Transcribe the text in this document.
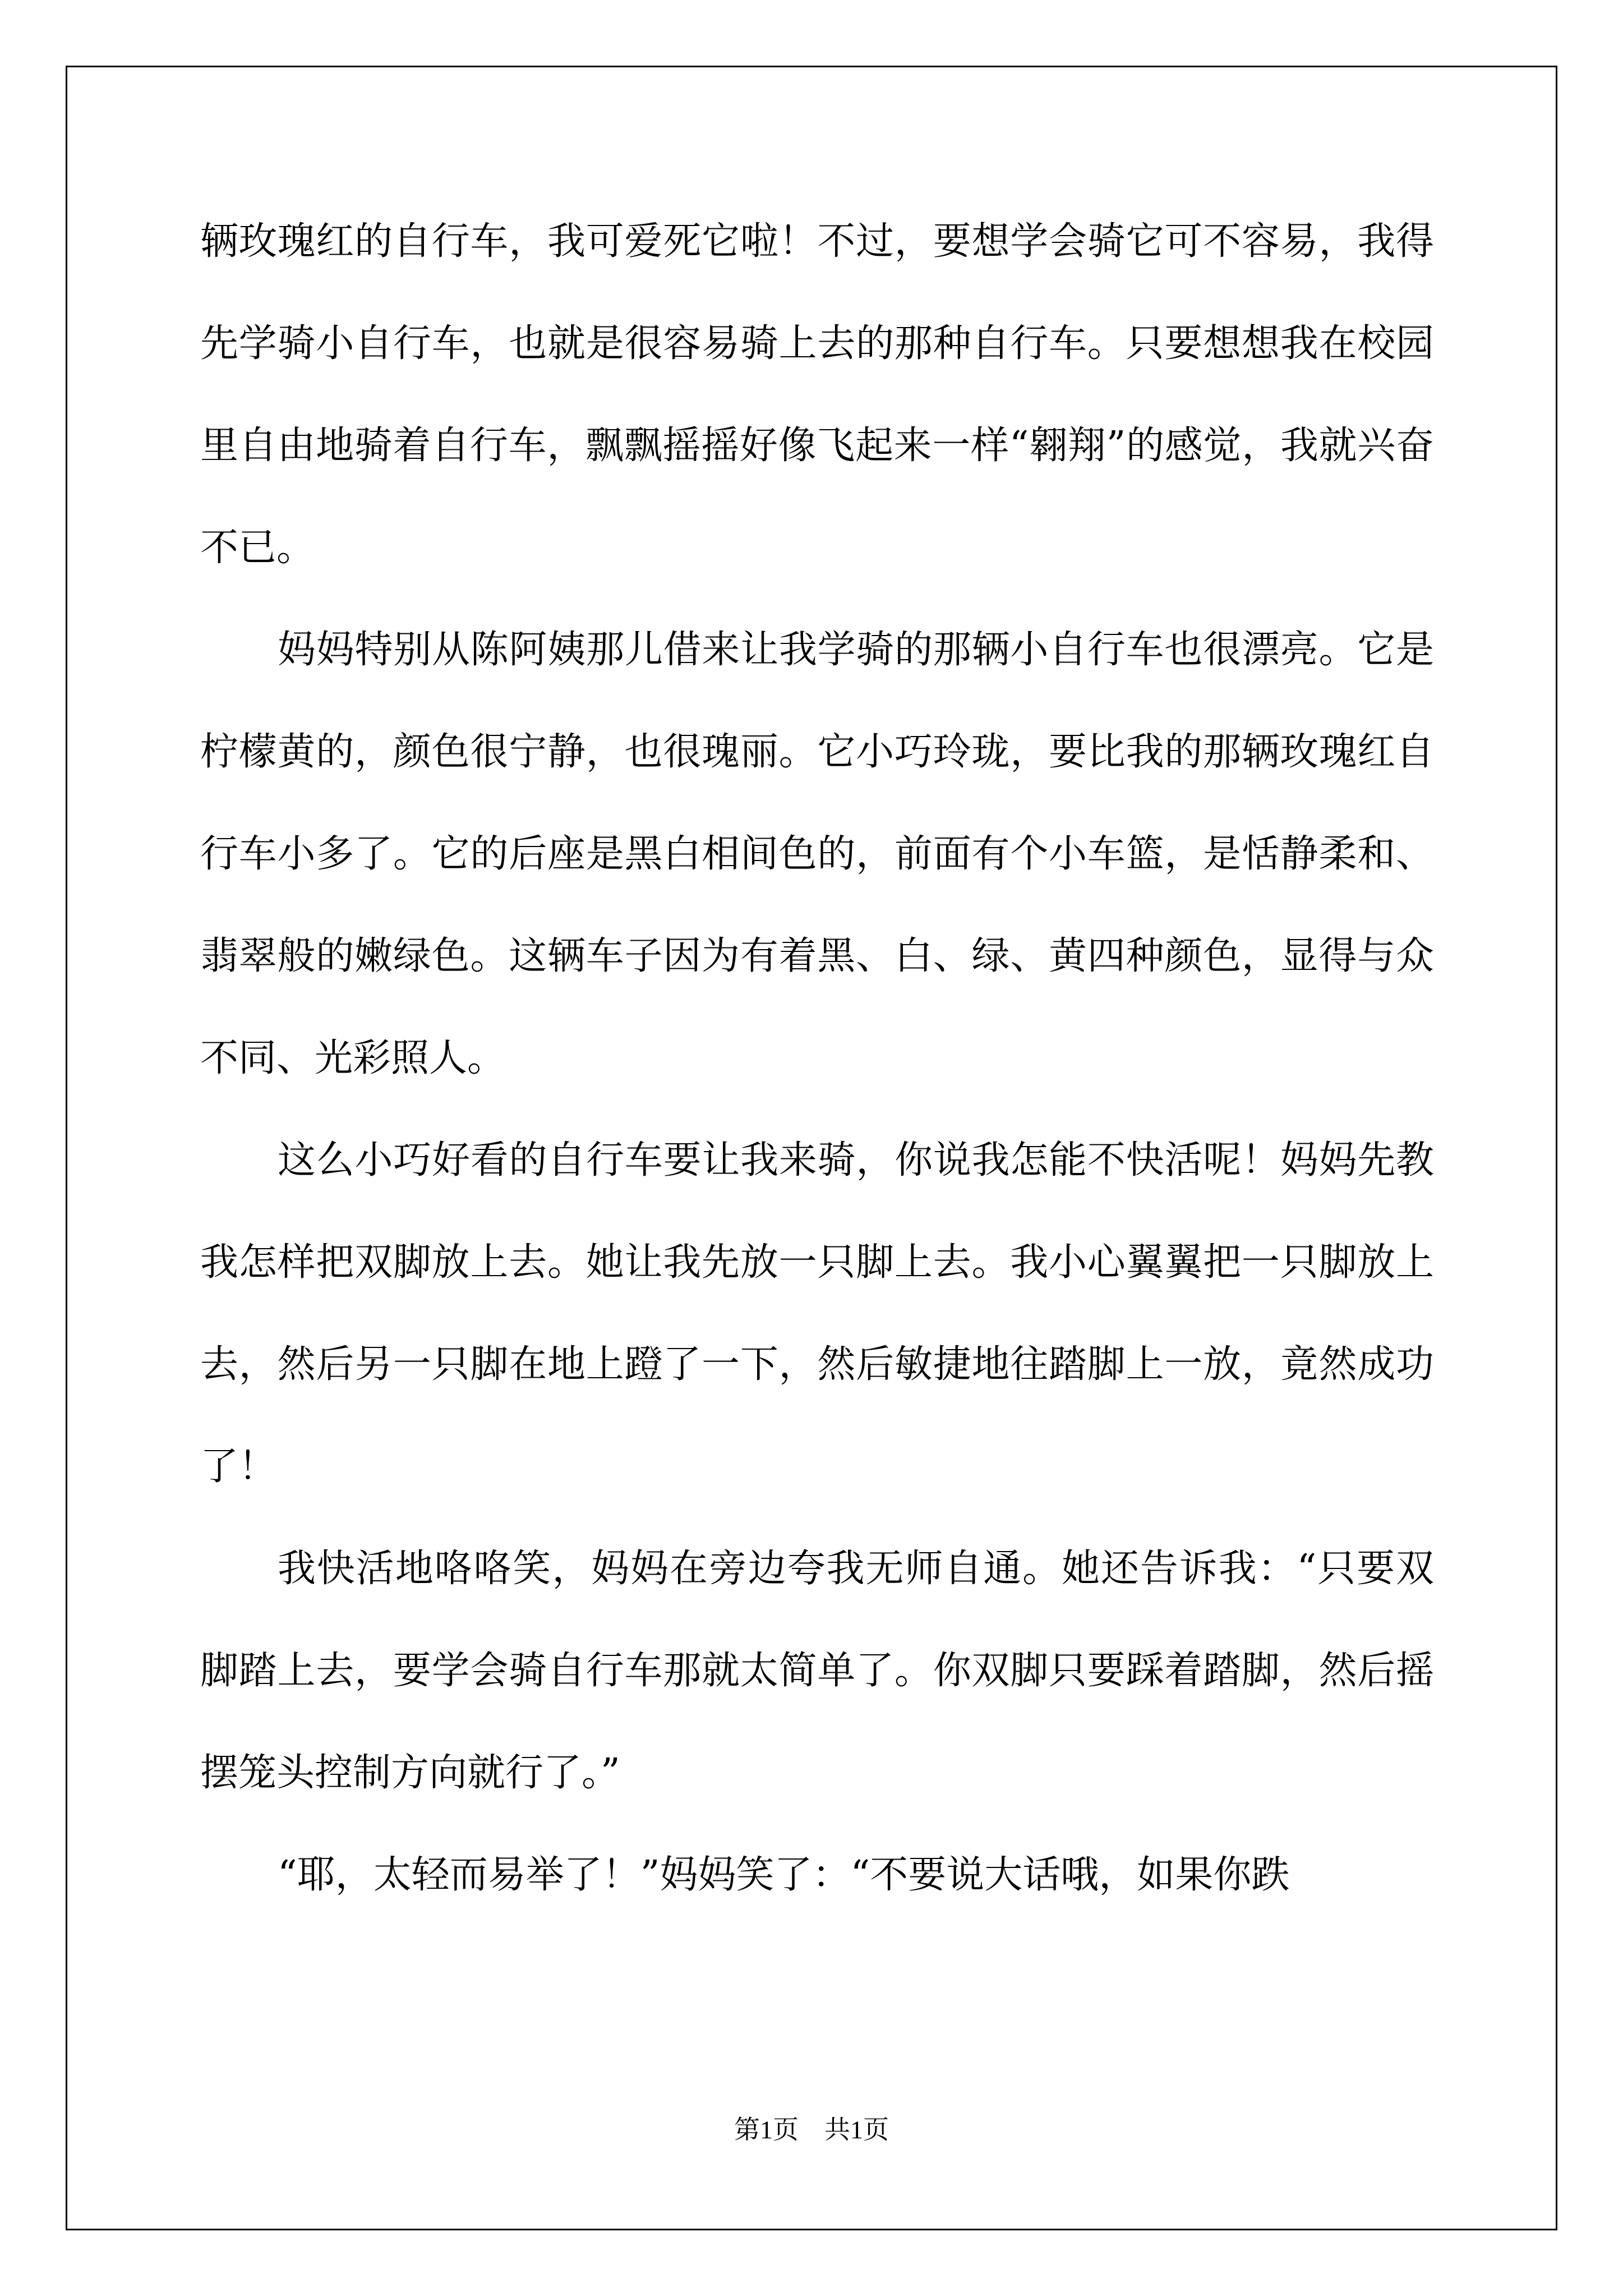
辆玫瑰红的自行车，我可爱死它啦！不过，要想学会骑它可不容易，我得先学骑小自行车，也就是很容易骑上去的那种自行车。只要想想我在校园里自由地骑着自行车，飘飘摇摇好像飞起来一样“翱翔”的感觉，我就兴奋不已。

妈妈特别从陈阿姨那儿借来让我学骑的那辆小自行车也很漂亮。它是柠檬黄的，颜色很宁静，也很瑰丽。它小巧玲珑，要比我的那辆玫瑰红自行车小多了。它的后座是黑白相间色的，前面有个小车篮，是恬静柔和、翡翠般的嫩绿色。这辆车子因为有着黑、白、绿、黄四种颜色，显得与众不同、光彩照人。

这么小巧好看的自行车要让我来骑，你说我怎能不快活呢！妈妈先教我怎样把双脚放上去。她让我先放一只脚上去。我小心翼翼把一只脚放上去，然后另一只脚在地上蹬了一下，然后敏捷地往踏脚上一放，竟然成功了！

我快活地咯咯笑，妈妈在旁边夸我无师自通。她还告诉我：“只要双脚踏上去，要学会骑自行车那就太简单了。你双脚只要踩着踏脚，然后摇摆笼头控制方向就行了。”

“耶，太轻而易举了！”妈妈笑了：“不要说大话哦，如果你跌

第1页　共1页
